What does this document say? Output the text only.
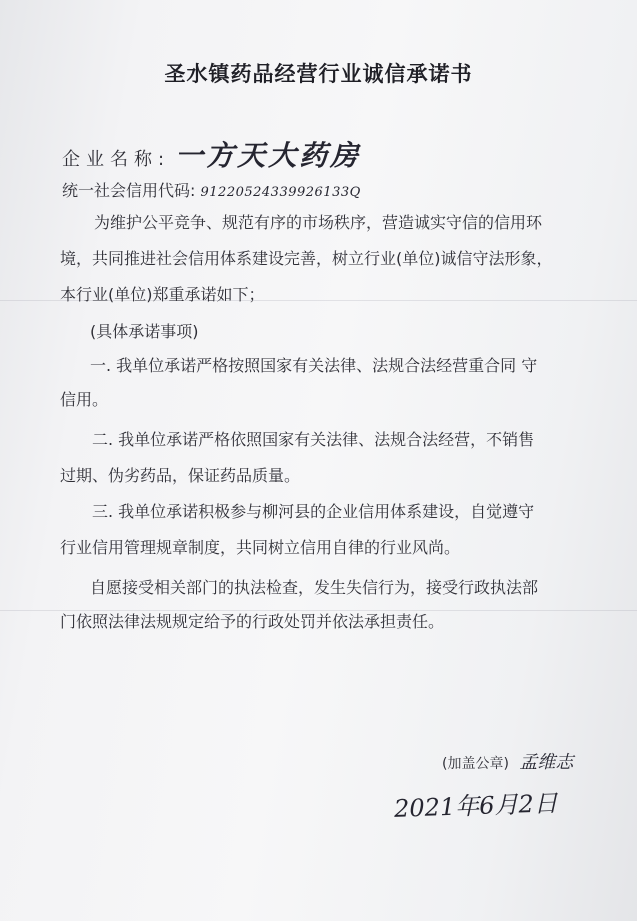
圣水镇药品经营行业诚信承诺书
企业名称: 一方天大药房
统一社会信用代码: 91220524339926133Q
为维护公平竞争、规范有序的市场秩序，营造诚实守信的信用环
境，共同推进社会信用体系建设完善，树立行业(单位)诚信守法形象，
本行业(单位)郑重承诺如下；
(具体承诺事项)
一. 我单位承诺严格按照国家有关法律、法规合法经营重合同 守
信用。
二. 我单位承诺严格依照国家有关法律、法规合法经营，不销售
过期、伪劣药品，保证药品质量。
三. 我单位承诺积极参与柳河县的企业信用体系建设，自觉遵守
行业信用管理规章制度，共同树立信用自律的行业风尚。
自愿接受相关部门的执法检查，发生失信行为，接受行政执法部
门依照法律法规规定给予的行政处罚并依法承担责任。
(加盖公章) 孟维志
2021年6月2日
